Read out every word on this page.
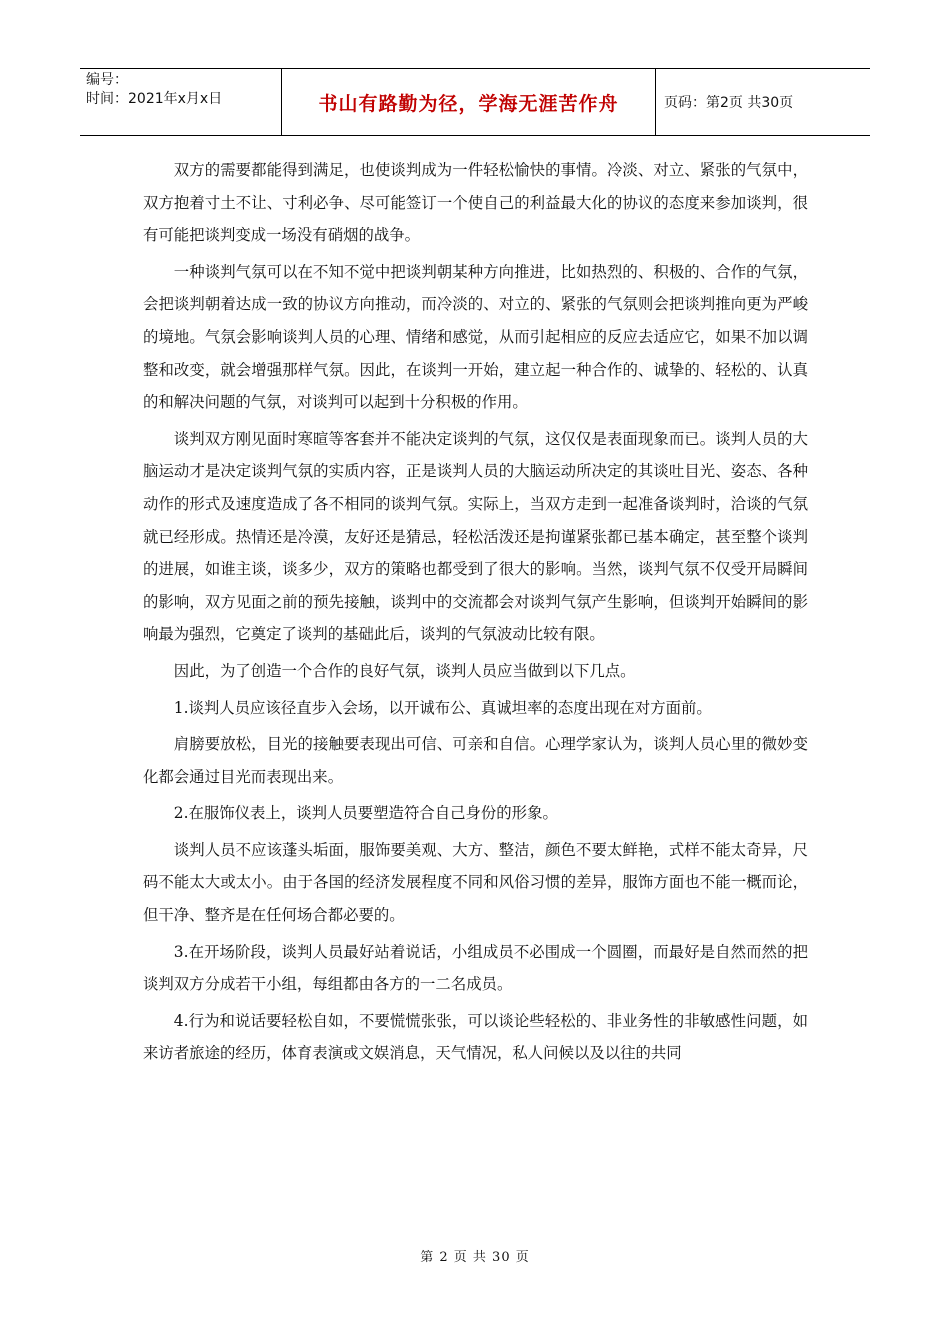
编号：
时间：2021年x月x日	书山有路勤为径，学海无涯苦作舟	页码：第2页 共30页

双方的需要都能得到满足，也使谈判成为一件轻松愉快的事情。冷淡、对立、紧张的气氛中，双方抱着寸土不让、寸利必争、尽可能签订一个使自己的利益最大化的协议的态度来参加谈判，很有可能把谈判变成一场没有硝烟的战争。

一种谈判气氛可以在不知不觉中把谈判朝某种方向推进，比如热烈的、积极的、合作的气氛，会把谈判朝着达成一致的协议方向推动，而冷淡的、对立的、紧张的气氛则会把谈判推向更为严峻的境地。气氛会影响谈判人员的心理、情绪和感觉，从而引起相应的反应去适应它，如果不加以调整和改变，就会增强那样气氛。因此，在谈判一开始，建立起一种合作的、诚挚的、轻松的、认真的和解决问题的气氛，对谈判可以起到十分积极的作用。

谈判双方刚见面时寒暄等客套并不能决定谈判的气氛，这仅仅是表面现象而已。谈判人员的大脑运动才是决定谈判气氛的实质内容，正是谈判人员的大脑运动所决定的其谈吐目光、姿态、各种动作的形式及速度造成了各不相同的谈判气氛。实际上，当双方走到一起准备谈判时，洽谈的气氛就已经形成。热情还是冷漠，友好还是猜忌，轻松活泼还是拘谨紧张都已基本确定，甚至整个谈判的进展，如谁主谈，谈多少，双方的策略也都受到了很大的影响。当然，谈判气氛不仅受开局瞬间的影响，双方见面之前的预先接触，谈判中的交流都会对谈判气氛产生影响，但谈判开始瞬间的影响最为强烈，它奠定了谈判的基础此后，谈判的气氛波动比较有限。

因此，为了创造一个合作的良好气氛，谈判人员应当做到以下几点。

1.谈判人员应该径直步入会场，以开诚布公、真诚坦率的态度出现在对方面前。

肩膀要放松，目光的接触要表现出可信、可亲和自信。心理学家认为，谈判人员心里的微妙变化都会通过目光而表现出来。

2.在服饰仪表上，谈判人员要塑造符合自己身份的形象。

谈判人员不应该蓬头垢面，服饰要美观、大方、整洁，颜色不要太鲜艳，式样不能太奇异，尺码不能太大或太小。由于各国的经济发展程度不同和风俗习惯的差异，服饰方面也不能一概而论，但干净、整齐是在任何场合都必要的。

3.在开场阶段，谈判人员最好站着说话，小组成员不必围成一个圆圈，而最好是自然而然的把谈判双方分成若干小组，每组都由各方的一二名成员。

4.行为和说话要轻松自如，不要慌慌张张，可以谈论些轻松的、非业务性的非敏感性问题，如来访者旅途的经历，体育表演或文娱消息，天气情况，私人问候以及以往的共同

第 2 页 共 30 页
